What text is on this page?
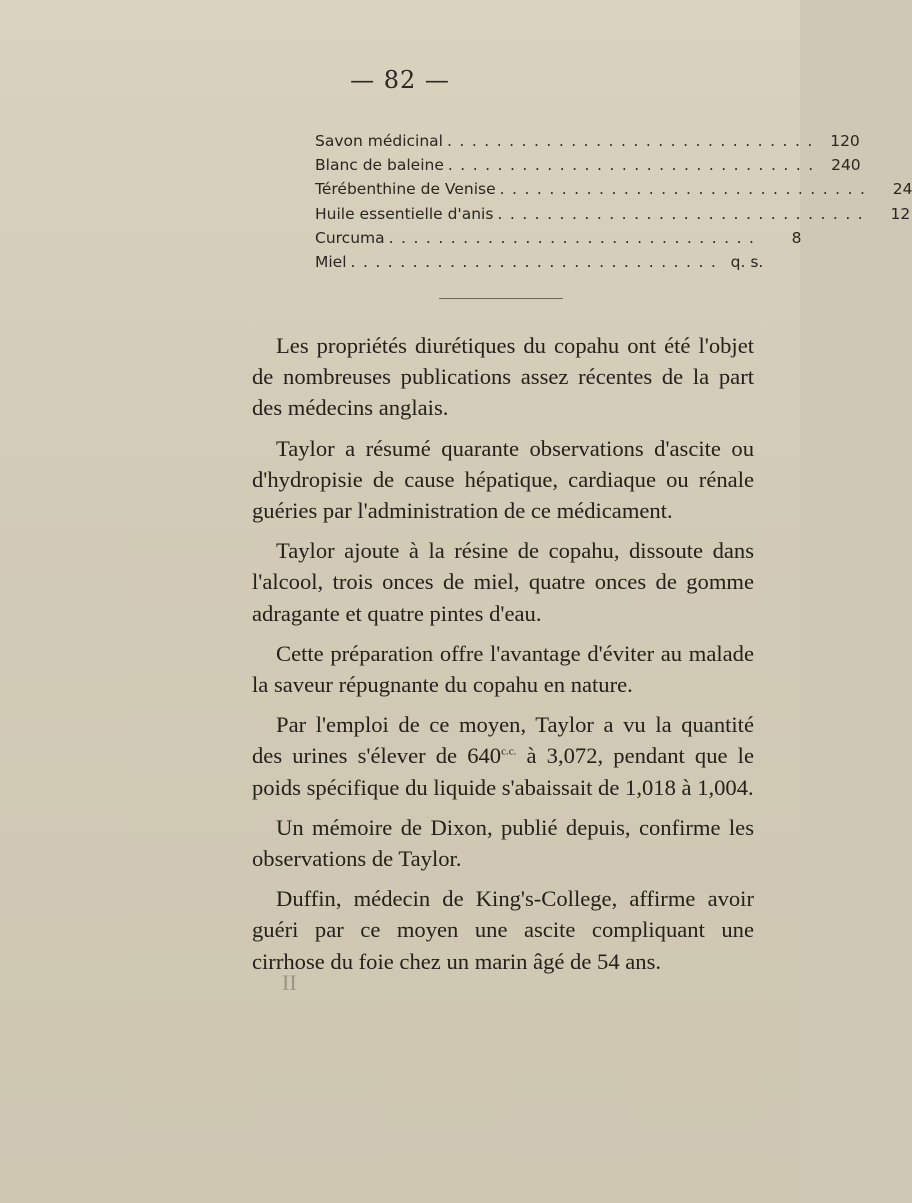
— 82 —
Savon médicinal .............................. 120
Blanc de baleine .............................. 240
Térébenthine de Venise ..............................	24
Huile essentielle d'anis ..............................	12
Curcuma ..............................	8
Miel .............................. q. s.

Les propriétés diurétiques du copahu ont été l'objet de nombreuses publications assez récentes de la part des médecins anglais.

Taylor a résumé quarante observations d'ascite ou d'hydropisie de cause hépatique, cardiaque ou rénale guéries par l'administration de ce médicament.

Taylor ajoute à la résine de copahu, dissoute dans l'alcool, trois onces de miel, quatre onces de gomme adragante et quatre pintes d'eau.

Cette préparation offre l'avantage d'éviter au malade la saveur répugnante du copahu en nature.

Par l'emploi de ce moyen, Taylor a vu la quantité des urines s'élever de $640^{c.c.}$ à 3,072, pendant que le poids spécifique du liquide s'abaissait de 1,018 à 1,004.

Un mémoire de Dixon, publié depuis, confirme les observations de Taylor.

Duffin, médecin de King's-College, affirme avoir guéri par ce moyen une ascite compliquant une cirrhose du foie chez un marin âgé de 54 ans.

II
